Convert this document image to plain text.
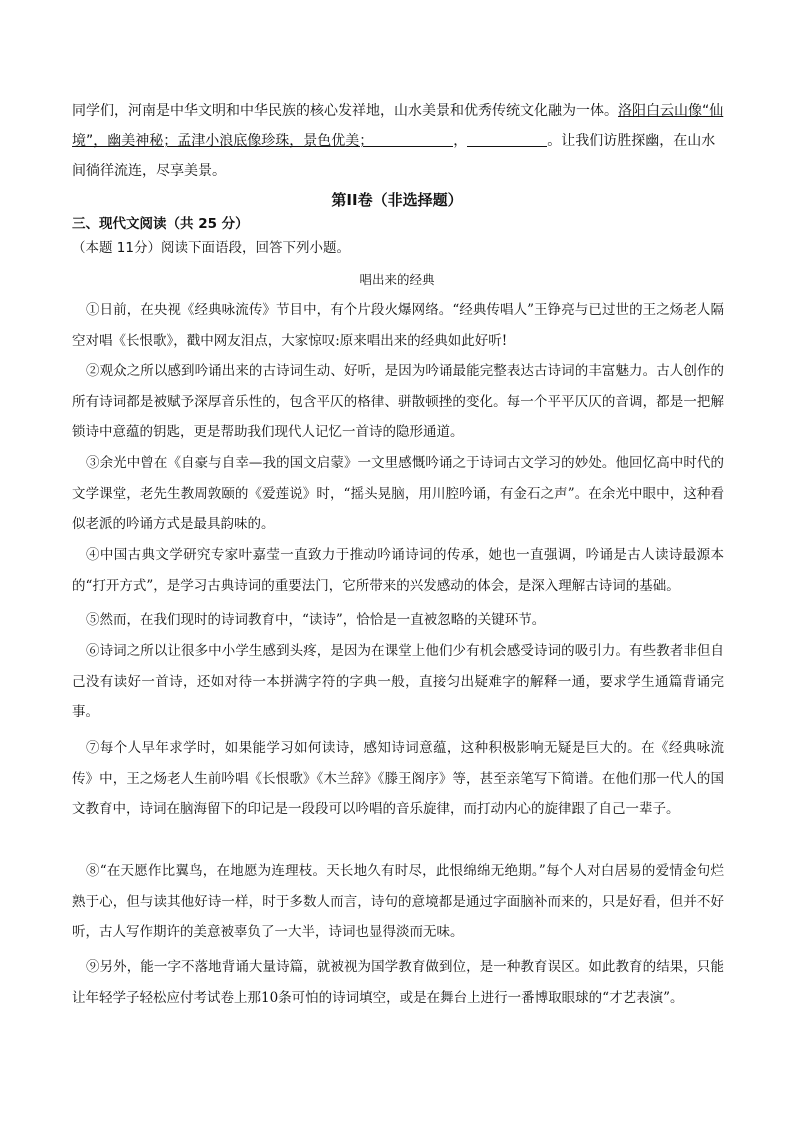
同学们，河南是中华文明和中华民族的核心发祥地，山水美景和优秀传统文化融为一体。洛阳白云山像“仙境”，幽美神秘；孟津小浪底像珍珠，景色优美；	，	。让我们访胜探幽，在山水间徜徉流连，尽享美景。
第II卷（非选择题）
三、现代文阅读（共 25 分）
（本题 11分）阅读下面语段，回答下列小题。
唱出来的经典
①日前，在央视《经典咏流传》节目中，有个片段火爆网络。“经典传唱人”王铮亮与已过世的王之炀老人隔空对唱《长恨歌》，戳中网友泪点，大家惊叹:原来唱出来的经典如此好听!
②观众之所以感到吟诵出来的古诗词生动、好听，是因为吟诵最能完整表达古诗词的丰富魅力。古人创作的所有诗词都是被赋予深厚音乐性的，包含平仄的格律、骈散顿挫的变化。每一个平平仄仄的音调，都是一把解锁诗中意蕴的钥匙，更是帮助我们现代人记忆一首诗的隐形通道。
③余光中曾在《自豪与自幸—我的国文启蒙》一文里感慨吟诵之于诗词古文学习的妙处。他回忆高中时代的文学课堂，老先生教周敦颐的《爱莲说》时，“摇头晃脑，用川腔吟诵，有金石之声”。在余光中眼中，这种看似老派的吟诵方式是最具韵味的。
④中国古典文学研究专家叶嘉莹一直致力于推动吟诵诗词的传承，她也一直强调，吟诵是古人读诗最源本的“打开方式”，是学习古典诗词的重要法门，它所带来的兴发感动的体会，是深入理解古诗词的基础。
⑤然而，在我们现时的诗词教育中，“读诗”，恰恰是一直被忽略的关键环节。
⑥诗词之所以让很多中小学生感到头疼，是因为在课堂上他们少有机会感受诗词的吸引力。有些教者非但自己没有读好一首诗，还如对待一本拼满字符的字典一般，直接匀出疑难字的解释一通，要求学生通篇背诵完事。
⑦每个人早年求学时，如果能学习如何读诗，感知诗词意蕴，这种积极影响无疑是巨大的。在《经典咏流传》中，王之炀老人生前吟唱《长恨歌》《木兰辞》《滕王阁序》等，甚至亲笔写下简谱。在他们那一代人的国文教育中，诗词在脑海留下的印记是一段段可以吟唱的音乐旋律，而打动内心的旋律跟了自己一辈子。
⑧“在天愿作比翼鸟，在地愿为连理枝。天长地久有时尽，此恨绵绵无绝期。”每个人对白居易的爱情金句烂熟于心，但与读其他好诗一样，时于多数人而言，诗句的意境都是通过字面脑补而来的，只是好看，但并不好听，古人写作期许的美意被辜负了一大半，诗词也显得淡而无味。
⑨另外，能一字不落地背诵大量诗篇，就被视为国学教育做到位，是一种教育误区。如此教育的结果，只能让年轻学子轻松应付考试卷上那10条可怕的诗词填空，或是在舞台上进行一番博取眼球的“才艺表演”。
